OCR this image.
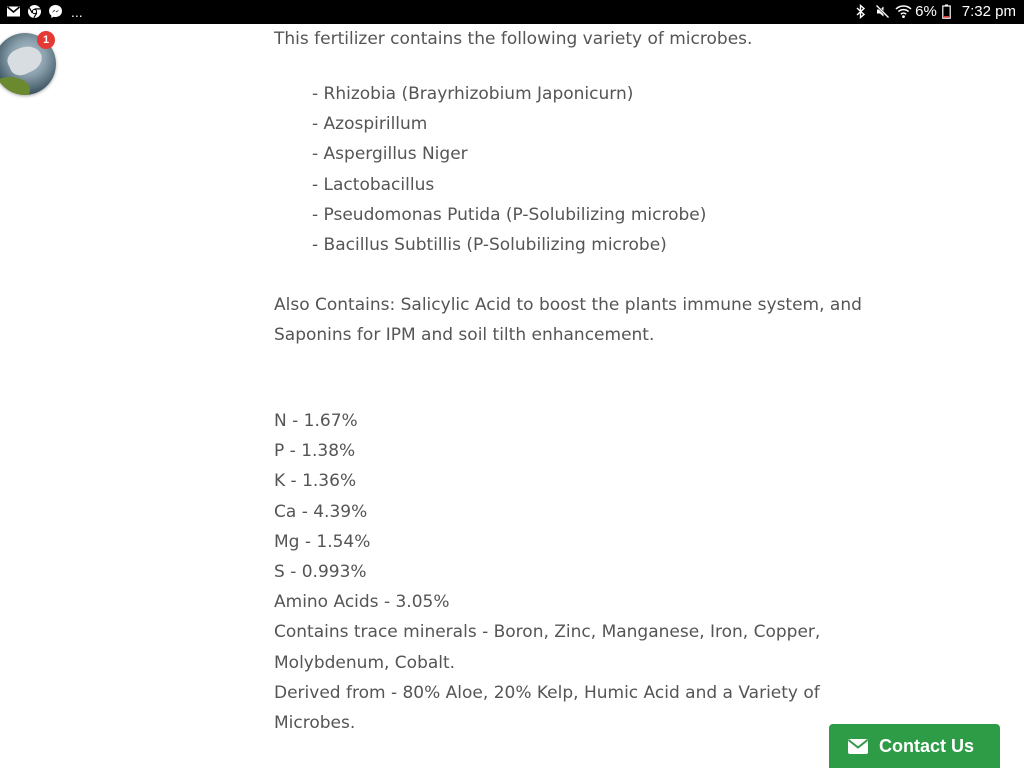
...	6% 7:32 pm
1	This fertilizer contains the following variety of microbes.

- Rhizobia (Brayrhizobium Japonicurn)
- Azospirillum
- Aspergillus Niger
- Lactobacillus
- Pseudomonas Putida (P-Solubilizing microbe)
- Bacillus Subtillis (P-Solubilizing microbe)

Also Contains: Salicylic Acid to boost the plants immune system, and Saponins for IPM and soil tilth enhancement.

N - 1.67%
P - 1.38%
K - 1.36%
Ca - 4.39%
Mg - 1.54%
S - 0.993%
Amino Acids - 3.05%
Contains trace minerals - Boron, Zinc, Manganese, Iron, Copper, Molybdenum, Cobalt.
Derived from - 80% Aloe, 20% Kelp, Humic Acid and a Variety of Microbes.
Contact Us
